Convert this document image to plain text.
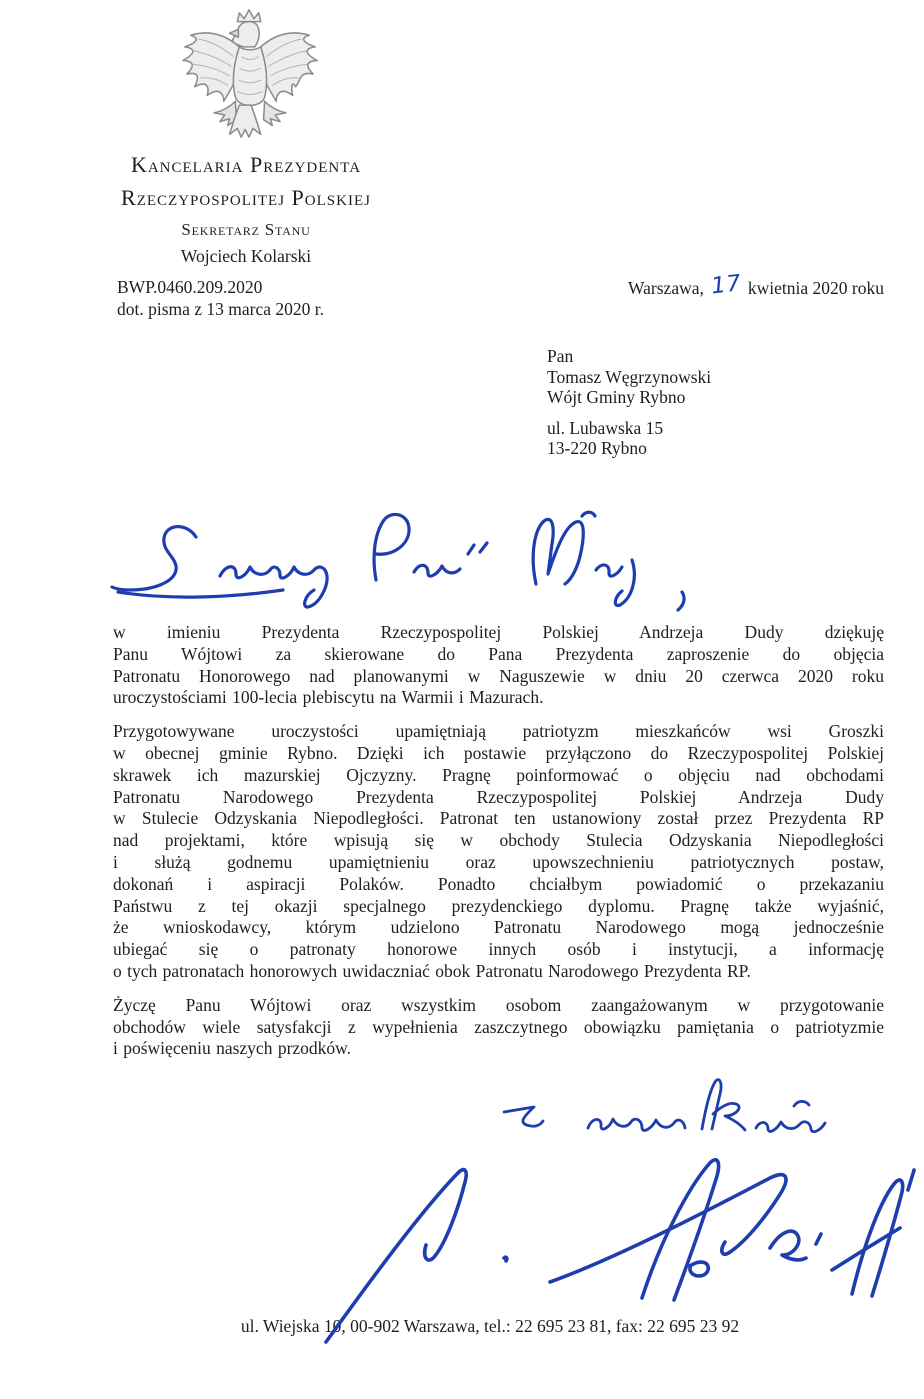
Kancelaria Prezydenta
Rzeczypospolitej Polskiej
Sekretarz Stanu
Wojciech Kolarski
BWP.0460.209.2020
dot. pisma z 13 marca 2020 r.
Warszawa, 17 kwietnia 2020 roku
Pan
Tomasz Węgrzynowski
Wójt Gminy Rybno
ul. Lubawska 15
13-220 Rybno
w imieniu Prezydenta Rzeczypospolitej Polskiej Andrzeja Dudy dziękuję
Panu Wójtowi za skierowane do Pana Prezydenta zaproszenie do objęcia
Patronatu Honorowego nad planowanymi w Naguszewie w dniu 20 czerwca 2020 roku
uroczystościami 100-lecia plebiscytu na Warmii i Mazurach.
Przygotowywane uroczystości upamiętniają patriotyzm mieszkańców wsi Groszki
w obecnej gminie Rybno. Dzięki ich postawie przyłączono do Rzeczypospolitej Polskiej
skrawek ich mazurskiej Ojczyzny. Pragnę poinformować o objęciu nad obchodami
Patronatu Narodowego Prezydenta Rzeczypospolitej Polskiej Andrzeja Dudy
w Stulecie Odzyskania Niepodległości. Patronat ten ustanowiony został przez Prezydenta RP
nad projektami, które wpisują się w obchody Stulecia Odzyskania Niepodległości
i służą godnemu upamiętnieniu oraz upowszechnieniu patriotycznych postaw,
dokonań i aspiracji Polaków. Ponadto chciałbym powiadomić o przekazaniu
Państwu z tej okazji specjalnego prezydenckiego dyplomu. Pragnę także wyjaśnić,
że wnioskodawcy, którym udzielono Patronatu Narodowego mogą jednocześnie
ubiegać się o patronaty honorowe innych osób i instytucji, a informację
o tych patronatach honorowych uwidaczniać obok Patronatu Narodowego Prezydenta RP.
Życzę Panu Wójtowi oraz wszystkim osobom zaangażowanym w przygotowanie
obchodów wiele satysfakcji z wypełnienia zaszczytnego obowiązku pamiętania o patriotyzmie
i poświęceniu naszych przodków.
ul. Wiejska 10, 00-902 Warszawa, tel.: 22 695 23 81, fax: 22 695 23 92
